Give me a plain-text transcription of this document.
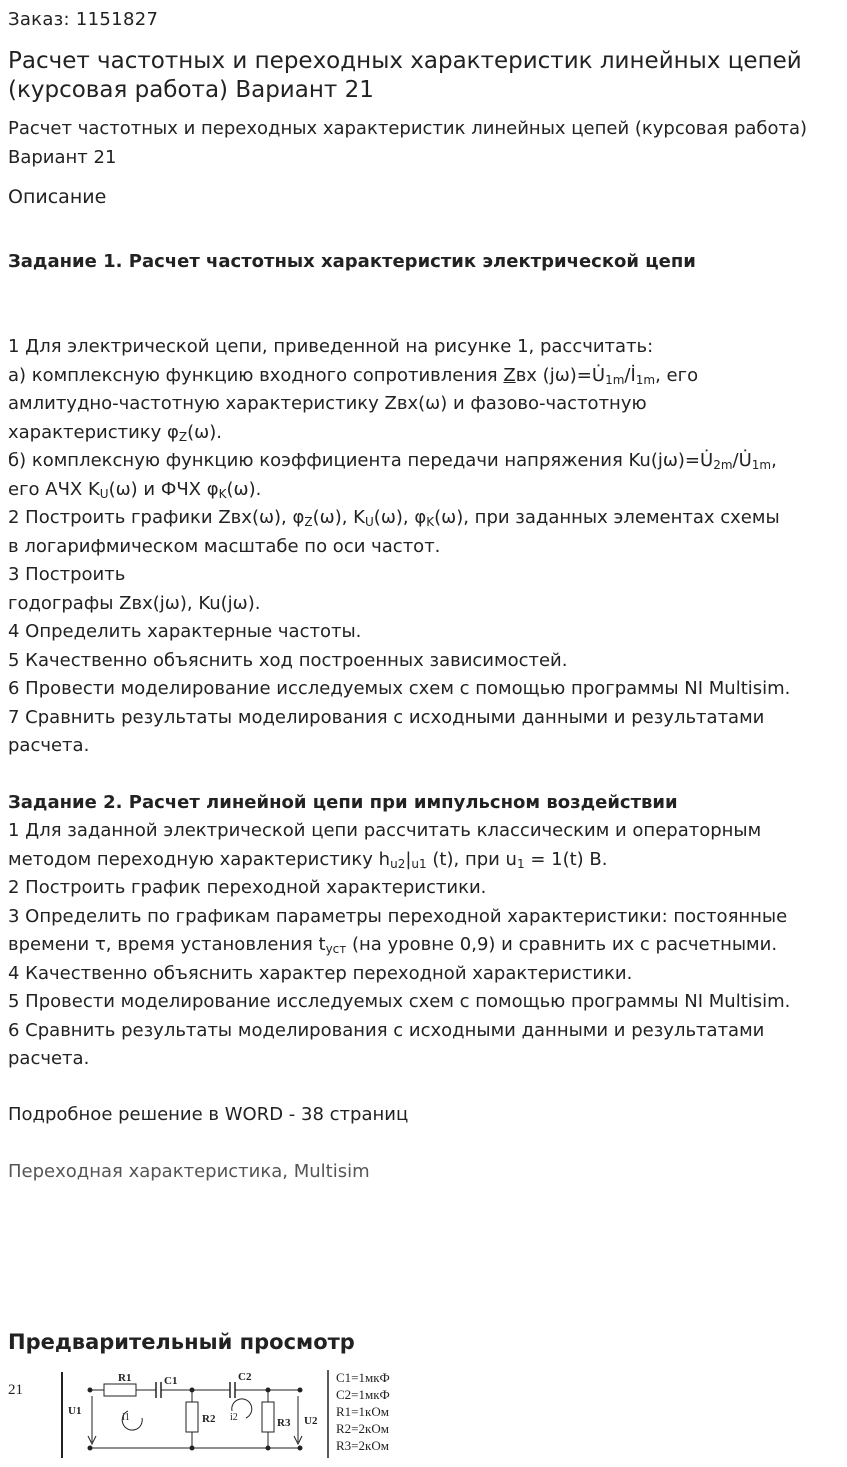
Заказ: 1151827
Расчет частотных и переходных характеристик линейных цепей (курсовая работа) Вариант 21
Расчет частотных и переходных характеристик линейных цепей (курсовая работа) Вариант 21
Описание
Задание 1. Расчет частотных характеристик электрической цепи
1 Для электрической цепи, приведенной на рисунке 1, рассчитать:
а) комплексную функцию входного сопротивления Zвх $(j\omega)=U̇_{1m}/İ_{1m}$, его
амлитудно-частотную характеристику Zвх(ω) и фазово-частотную
характеристику $\varphi_Z(\omega)$.
б) комплексную функцию коэффициента передачи напряжения $Ku(j\omega)=U̇_{2m}/U̇_{1m}$,
его АЧХ $K_U(\omega)$ и ФЧХ $\varphi_K(\omega)$.
2 Построить графики Zвх(ω), $\varphi_Z(\omega)$, $K_U(\omega)$, $\varphi_K(\omega)$, при заданных элементах схемы
в логарифмическом масштабе по оси частот.
3 Построить
годографы Zвх(jω), Ku(jω).
4 Определить характерные частоты.
5 Качественно объяснить ход построенных зависимостей.
6 Провести моделирование исследуемых схем с помощью программы NI Multisim.
7 Сравнить результаты моделирования с исходными данными и результатами
расчета.
Задание 2. Расчет линейной цепи при импульсном воздействии
1 Для заданной электрической цепи рассчитать классическим и операторным
методом переходную характеристику $h_{u2}|_{u1}$ (t), при $u_1 = 1(t)$ В.
2 Построить график переходной характеристики.
3 Определить по графикам параметры переходной характеристики: постоянные
времени τ, время установления $t_{уст}$ (на уровне 0,9) и сравнить их с расчетными.
4 Качественно объяснить характер переходной характеристики.
5 Провести моделирование исследуемых схем с помощью программы NI Multisim.
6 Сравнить результаты моделирования с исходными данными и результатами
расчета.
Подробное решение в WORD - 38 страниц
Переходная характеристика, Multisim
Предварительный просмотр
21
R1	C1	C2
R2	R3
U1
U2
i1	i2
C1=1мкФ
C2=1мкФ
R1=1кОм
R2=2кОм
R3=2кОм
